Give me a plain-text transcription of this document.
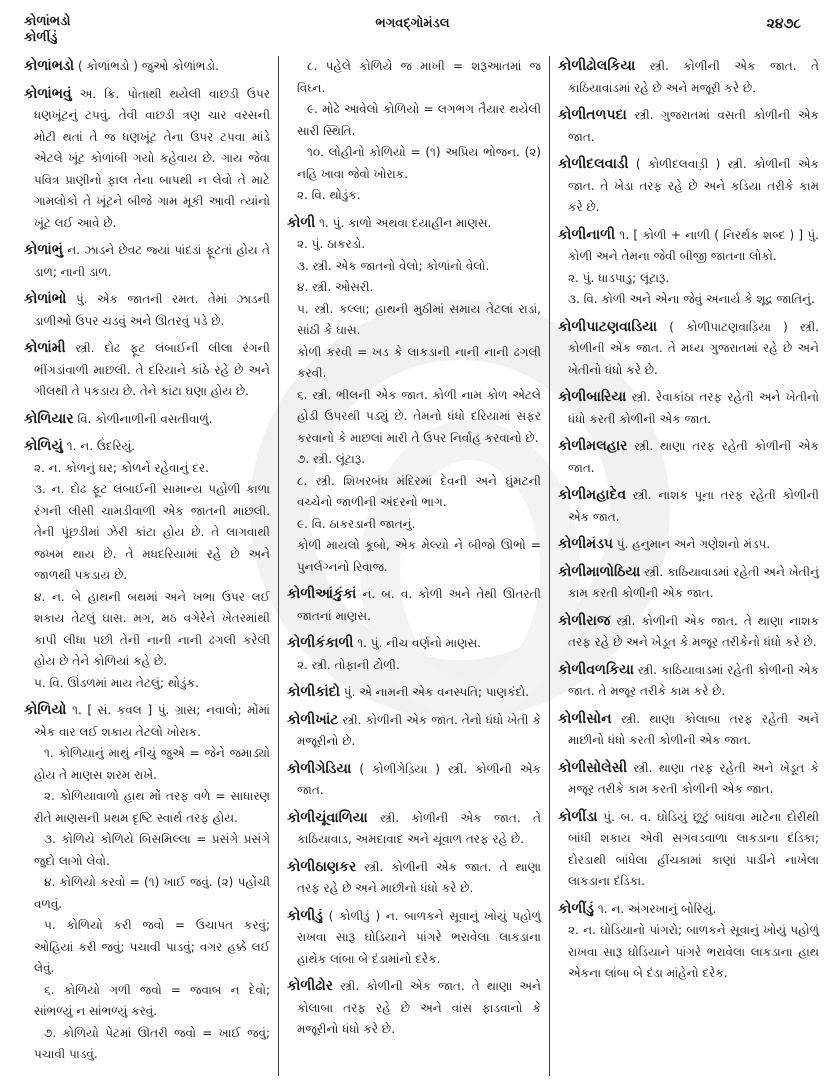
કોળાંભડો
કોળીંડું
ભગવદ્ગોમંડલ	૨૪૭૮

કોળાંભડો ( કોળાંભડો ) જુઓ કોળાંભડો.

કોળાંભવું અ. ક્રિ. પોતાથી થયેલી વાછડી ઉપર ધણખૂંટનું ટપવું. તેવી વાછડી ત્રણ ચાર વરસની મોટી થતાં તે જ ધણખૂંટ તેના ઉપર ટપવા માંડે એટલે ખૂંટ કોળાંબી ગયો કહેવાય છે. ગાય જેવા પવિત્ર પ્રાણીનો ફાલ તેના બાપથી ન લેવો તે માટે ગામલોકો તે ખૂંટને બીજે ગામ મૂકી આવી ત્યાંનો ખૂંટ લઈ આવે છે.

કોળાંભું ન. ઝાડને છેવટ જ્યાં પાંદડાં ફૂટતાં હોય તે ડાળ; નાની ડાળ.

કોળાંભો પું. એક જાતની રમત. તેમાં ઝાડની ડાળીઓ ઉપર ચડવું અને ઊતરવું પડે છે.

કોળાંમી સ્ત્રી. દોઢ ફૂટ લંબાઈની લીલા રંગની ભીંગડાંવાળી માછલી. તે દરિયાને કાંઠે રહે છે અને ગીલથી તે પકડાય છે. તેને કાંટા ઘણા હોય છે.

કોળિયાર વિ. કોળીનાળીની વસતીવાળું.

કોળિયું ૧. ન. ઉંદરિયું.

૨. ન. કોળનું ઘર; કોળને રહેવાનું દર.

૩. ન. દોઢ ફૂટ લંબાઈની સામાન્ય પહોળી કાળા રંગની લીસી ચામડીવાળી એક જાતની માછલી. તેની પૂંછડીમાં ઝેરી કાંટા હોય છે. તે લાગવાથી જખમ થાય છે. તે મધદરિયામાં રહે છે અને જાળથી પકડાય છે.

૪. ન. બે હાથની બથમાં અને ખભા ઉપર લઈ શકાય તેટલું ઘાસ. મગ, મઠ વગેરેને ખેતરમાંથી કાપી લીધા પછી તેની નાની નાની ઢગલી કરેલી હોય છે તેને કોળિયાં કહે છે.

૫. વિ. ઊંડળમાં માય તેટલું; થોડુંક.

કોળિયો ૧. [ સં. કવલ ] પું. ગ્રાસ; નવાલો; મોંમાં એક વાર લઈ શકાય તેટલો ખોરાક.

૧. કોળિયાનું માથું નીચું જુએ = જેને જમાડ્યો હોય તે માણસ શરમ રાખે.

૨. કોળિયાવાળો હાથ મોં તરફ વળે = સાધારણ રીતે માણસની પ્રથમ દૃષ્ટિ સ્વાર્થ તરફ હોય.

૩. કોળિયે કોળિયે બિસમિલ્લા = પ્રસંગે પ્રસંગે જુદો લાગો લેવો.

૪. કોળિયો કરવો = (૧) ખાઈ જવું. (૨) પહોંચી વળવું.

૫. કોળિયો કરી જવો = ઉચાપત કરવું; ઓહિયાં કરી જવું; પચાવી પાડવું; વગર હક્કે લઈ લેવું.

૬. કોળિયો ગળી જવો = જવાબ ન દેવો; સાંભળ્યું ન સાંભળ્યું કરવું.

૭. કોળિયો પેટમાં ઊતરી જવો = ખાઈ જવું; પચાવી પાડવું.

૮. પહેલે કોળિયે જ માખી = શરૂઆતમાં જ વિઘ્ન.

૯. મોઢે આવેલો કોળિયો = લગભગ તૈયાર થયેલી સારી સ્થિતિ.

૧૦. લોહીનો કોળિયો = (૧) અપ્રિય ભોજન. (૨) નહિ ખાવા જેવો ખોરાક.

૨. વિ. થોડુંક.

કોળી ૧. પું. કાળો અથવા દયાહીન માણસ.

૨. પું. ઠાકરડો.

૩. સ્ત્રી. એક જાતનો વેલો; કોળાંનો વેલો.

૪. સ્ત્રી. ઓસરી.

૫. સ્ત્રી. કલ્લા; હાથની મુઠીમાં સમાય તેટલાં રાડાં, સાંઠી કે ઘાસ.

કોળી કરવી = ખડ કે લાકડાની નાની નાની ઢગલી કરવી.

૬. સ્ત્રી. ભીલની એક જાત. કોળી નામ કોળ એટલે હોડી ઉપરથી પડ્યું છે. તેમનો ધંધો દરિયામાં સફર કરવાનો કે માછલાં મારી તે ઉપર નિર્વાહ કરવાનો છે.

૭. સ્ત્રી. લૂંટારૂ.

૮. સ્ત્રી. શિખરબંધ મંદિરમાં દેવની અને ઘુંમટની વચ્ચેનો જાળીની અંદરનો ભાગ.

૯. વિ. ઠાકરડાની જાતનું.

કોળી માયલો કૂબો, એક મેલ્યો ને બીજો ઊભો = પુનર્લગ્નનો રિવાજ.

કોળીઆંકુંકાં ન. બ. વ. કોળી અને તેથી ઊતરતી જાતનાં માણસ.

કોળીકંકાળી ૧. પું. નીચ વર્ણનો માણસ.

૨. સ્ત્રી. તોફાની ટોળી.

કોળીકાંદો પું. એ નામની એક વનસ્પતિ; પાણકંદો.

કોળીખાંટ સ્ત્રી. કોળીની એક જાત. તેનો ધંધો ખેતી કે મજૂરીનો છે.

કોળીગેડિયા ( કોળીગેડ઼િયા ) સ્ત્રી. કોળીની એક જાત.

કોળીચૂંવાળિયા સ્ત્રી. કોળીની એક જાત. તે કાઠિયાવાડ, અમદાવાદ અને ચૂંવાળ તરફ રહે છે.

કોળીઠાણકર સ્ત્રી. કોળીની એક જાત. તે થાણા તરફ રહે છે અને માછીનો ધંધો કરે છે.

કોળીડું ( કોળીડું ) ન. બાળકને સૂવાનું ખોયું પહોળું રાખવા સારૂ ઘોડિયાને પાંગરે ભરાવેલા લાકડાના હાથેક લાંબા બે દંડામાંનો દરેક.

કોળીઢોર સ્ત્રી. કોળીની એક જાત. તે થાણા અને કોલાબા તરફ રહે છે અને વાંસ ફાડવાનો કે મજૂરીનો ધંધો કરે છે.

કોળીઢોલકિયા સ્ત્રી. કોળીની એક જાત. તે કાઠિયાવાડમાં રહે છે અને મજૂરી કરે છે.

કોળીતળપદા સ્ત્રી. ગુજરાતમાં વસતી કોળીની એક જાત.

કોળીદલવાડી ( કોળીદલવાડ઼ી ) સ્ત્રી. કોળીની એક જાત. તે ખેડા તરફ રહે છે અને કડિયા તરીકે કામ કરે છે.

કોળીનાળી ૧. [ કોળી + નાળી ( નિરર્થક શબ્દ ) ] પું. કોળી અને તેમના જેવી બીજી જાતના લોકો.

૨. પું. ધાડપાડુ; લૂંટારૂ.

૩. વિ. કોળી અને એના જેવું અનાર્ય કે શૂદ્ર જાતિનું.

કોળીપાટણવાડિયા ( કોળીપાટણવાડ઼િયા ) સ્ત્રી. કોળીની એક જાત. તે મધ્ય ગુજરાતમાં રહે છે અને ખેતીનો ધંધો કરે છે.

કોળીબારિયા સ્ત્રી. રેવાકાંઠા તરફ રહેતી અને ખેતીનો ધંધો કરતી કોળીની એક જાત.

કોળીમલહાર સ્ત્રી. થાણા તરફ રહેતી કોળીની એક જાત.

કોળીમહાદેવ સ્ત્રી. નાશક પૂના તરફ રહેતી કોળીની એક જાત.

કોળીમંડપ પું. હનુમાન અને ગણેશનો મંડપ.

કોળીમાળોઠિયા સ્ત્રી. કાઠિયાવાડમાં રહેતી અને ખેતીનું કામ કરતી કોળીની એક જાત.

કોળીરાજ સ્ત્રી. કોળીની એક જાત. તે થાણા નાશક તરફ રહે છે અને ખેડૂત કે મજૂર તરીકેનો ધંધો કરે છે.

કોળીવળકિયા સ્ત્રી. કાઠિયાવાડમાં રહેતી કોળીની એક જાત. તે મજૂર તરીકે કામ કરે છે.

કોળીસોન સ્ત્રી. થાણા કોલાબા તરફ રહેતી અને માછીનો ધંધો કરતી કોળીની એક જાત.

કોળીસોલેસી સ્ત્રી. થાણા તરફ રહેતી અને ખેડૂત કે મજૂર તરીકે કામ કરતી કોળીની એક જાત.

કોળીંડા પું. બ. વ. ઘોડિયું છૂટું બાંધવા માટેના દોરીથી બાંધી શકાય એવી સગવડવાળા લાકડાના દંડિકા; દોરડાથી બાંધેલા હીંચકામાં કાણાં પાડીને નાખેલા લાકડાના દંડિકા.

કોળીંડું ૧. ન. અંગરખાનું બોરિયું.

૨. ન. ઘોડિયાનો પાંગરો; બાળકને સૂવાનું ખોયું પહોળું રાખવા સારૂ ઘોડિયાને પાંગરે ભરાવેલા લાકડાના હાથ એકના લાંબા બે દંડા માંહેનો દરેક.
